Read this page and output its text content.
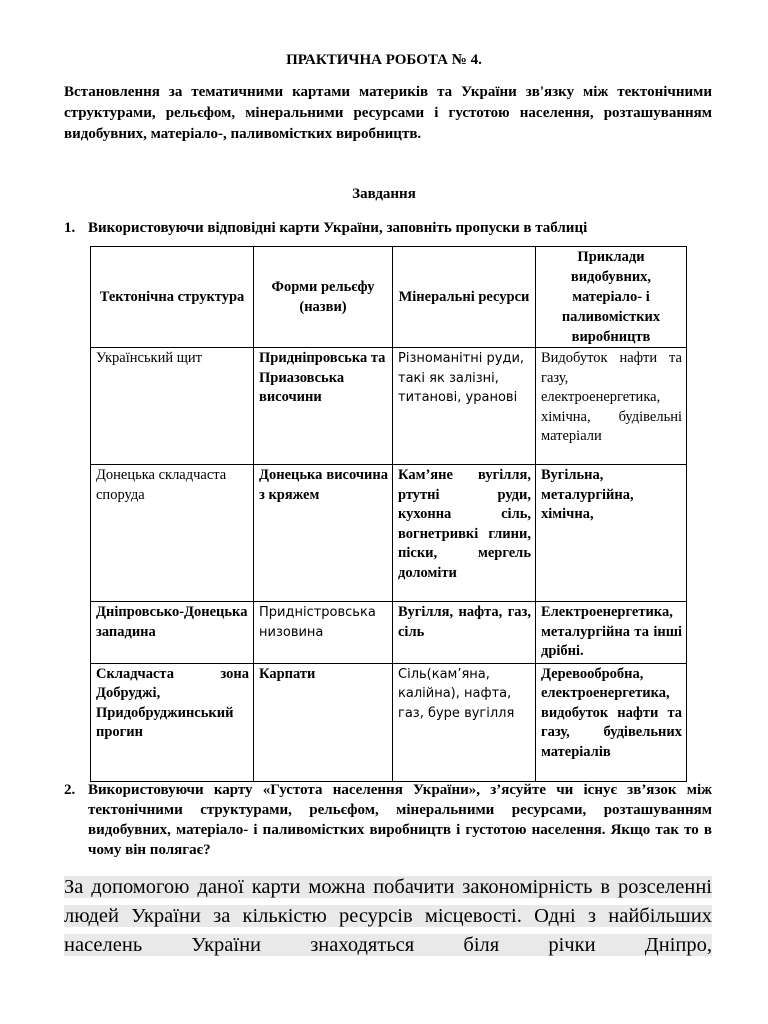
ПРАКТИЧНА РОБОТА № 4.
Встановлення за тематичними картами материків та України зв'язку між тектонічними структурами, рельєфом, мінеральними ресурсами і густотою населення, розташуванням видобувних, матеріало-, паливомістких виробництв.
Завдання
1. Використовуючи відповідні карти України, заповніть пропуски в таблиці
Тектонічна структура	Форми рельєфу (назви)	Мінеральні ресурси	Приклади видобувних, матеріало- і паливомістких виробництв
Український щит	Придніпровська та Приазовська височини	Різноманітні руди, такі як залізні, титанові, уранові	Видобуток нафти та газу, електроенергетика, хімічна, будівельні матеріали
Донецька складчаста споруда	Донецька височина з кряжем	Кам’яне вугілля, ртутні руди, кухонна сіль, вогнетривкі глини, піски, мергель доломіти	Вугільна, металургійна, хімічна,
Дніпровсько-Донецька западина	Придністровська низовина	Вугілля, нафта, газ, сіль	Електроенергетика, металургійна та інші дрібні.
Складчаста зона Добруджі, Придобруджинський прогин	Карпати	Сіль(кам’яна, калійна), нафта, газ, буре вугілля	Деревообробна, електроенергетика, видобуток нафти та газу, будівельних матеріалів
2. Використовуючи карту «Густота населення України», з’ясуйте чи існує зв’язок між тектонічними структурами, рельєфом, мінеральними ресурсами, розташуванням видобувних, матеріало- і паливомістких виробництв і густотою населення. Якщо так то в чому він полягає?
За допомогою даної карти можна побачити закономірність в розселенні людей України за кількістю ресурсів місцевості. Одні з найбільших населень України знаходяться біля річки Дніпро,
